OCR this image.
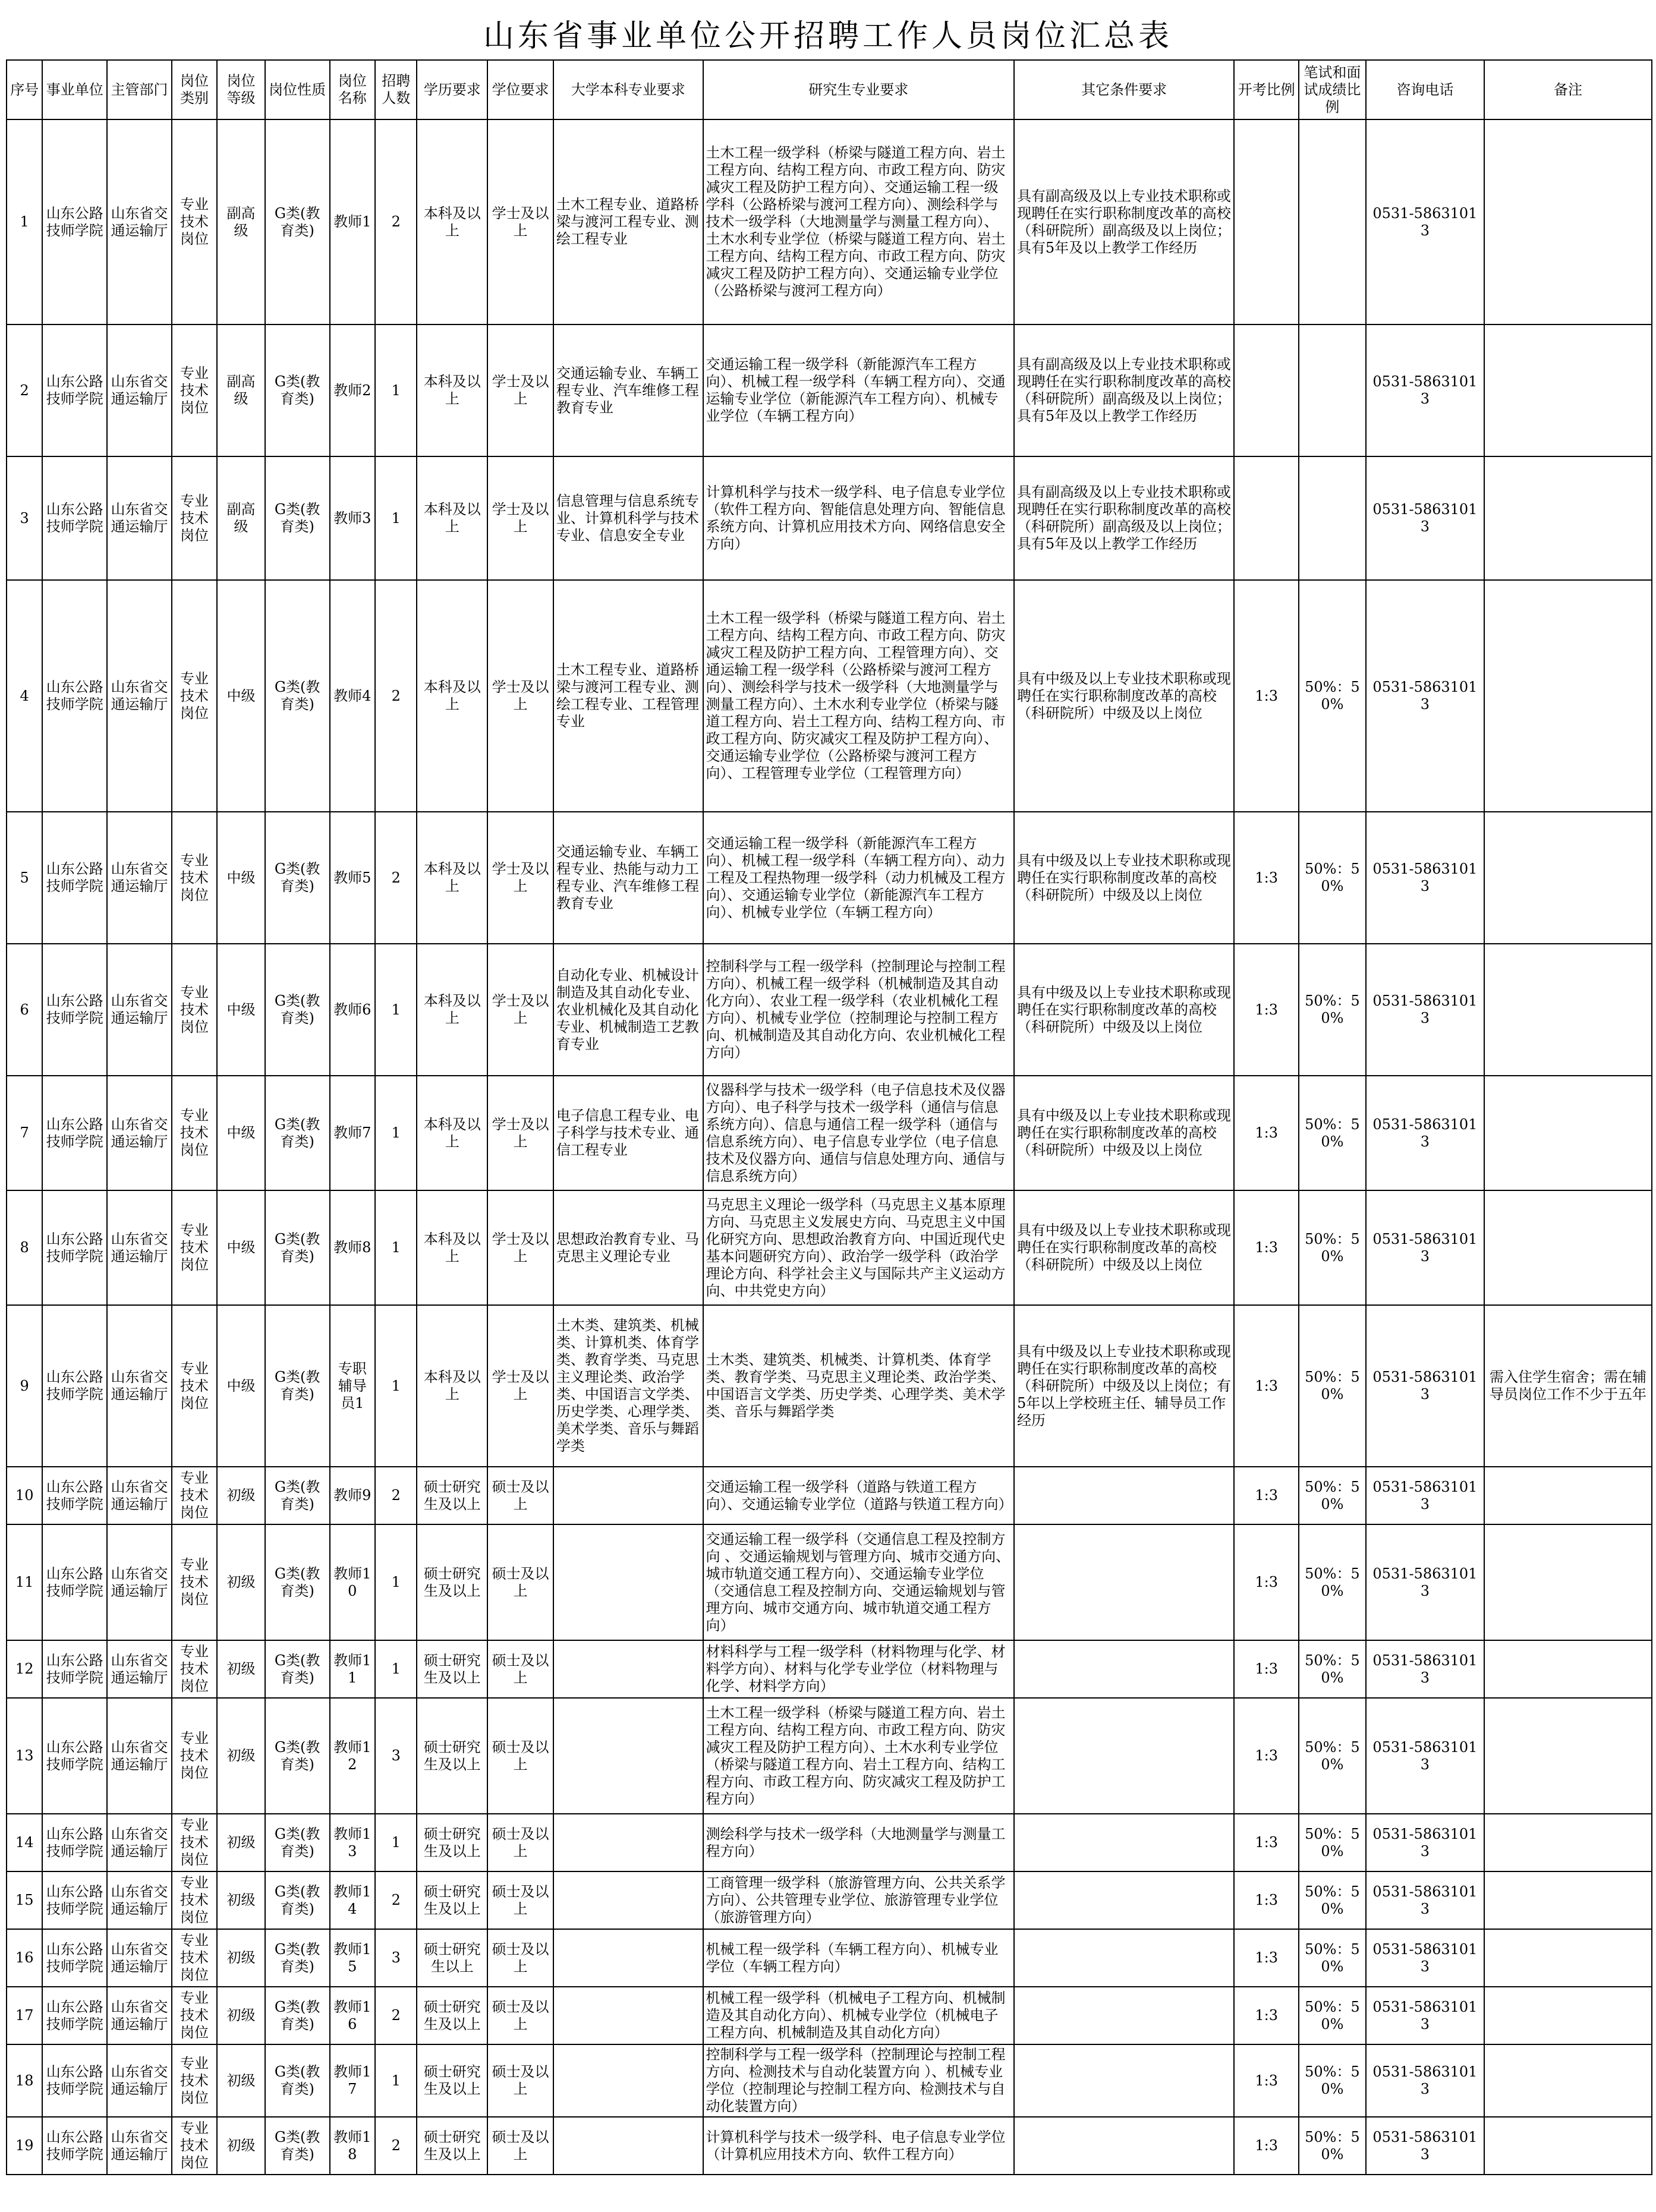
山东省事业单位公开招聘工作人员岗位汇总表
序号	事业单位	主管部门	岗位类别	岗位等级	岗位性质	岗位名称	招聘人数	学历要求	学位要求	大学本科专业要求	研究生专业要求	其它条件要求	开考比例	笔试和面试成绩比例	咨询电话	备注
1	山东公路技师学院	山东省交通运输厅	专业技术岗位	副高级	G类(教育类)	教师1	2	本科及以上	学士及以上	土木工程专业、道路桥梁与渡河工程专业、测绘工程专业	土木工程一级学科（桥梁与隧道工程方向、岩土工程方向、结构工程方向、市政工程方向、防灾减灾工程及防护工程方向）、交通运输工程一级学科（公路桥梁与渡河工程方向）、测绘科学与技术一级学科（大地测量学与测量工程方向）、土木水利专业学位（桥梁与隧道工程方向、岩土工程方向、结构工程方向、市政工程方向、防灾减灾工程及防护工程方向）、交通运输专业学位（公路桥梁与渡河工程方向）	具有副高级及以上专业技术职称或现聘任在实行职称制度改革的高校（科研院所）副高级及以上岗位；具有5年及以上教学工作经历			0531-58631013	
2	山东公路技师学院	山东省交通运输厅	专业技术岗位	副高级	G类(教育类)	教师2	1	本科及以上	学士及以上	交通运输专业、车辆工程专业、汽车维修工程教育专业	交通运输工程一级学科（新能源汽车工程方向）、机械工程一级学科（车辆工程方向）、交通运输专业学位（新能源汽车工程方向）、机械专业学位（车辆工程方向）	具有副高级及以上专业技术职称或现聘任在实行职称制度改革的高校（科研院所）副高级及以上岗位；具有5年及以上教学工作经历			0531-58631013	
3	山东公路技师学院	山东省交通运输厅	专业技术岗位	副高级	G类(教育类)	教师3	1	本科及以上	学士及以上	信息管理与信息系统专业、计算机科学与技术专业、信息安全专业	计算机科学与技术一级学科、电子信息专业学位（软件工程方向、智能信息处理方向、智能信息系统方向、计算机应用技术方向、网络信息安全方向）	具有副高级及以上专业技术职称或现聘任在实行职称制度改革的高校（科研院所）副高级及以上岗位；具有5年及以上教学工作经历			0531-58631013	
4	山东公路技师学院	山东省交通运输厅	专业技术岗位	中级	G类(教育类)	教师4	2	本科及以上	学士及以上	土木工程专业、道路桥梁与渡河工程专业、测绘工程专业、工程管理专业	土木工程一级学科（桥梁与隧道工程方向、岩土工程方向、结构工程方向、市政工程方向、防灾减灾工程及防护工程方向、工程管理方向）、交通运输工程一级学科（公路桥梁与渡河工程方向）、测绘科学与技术一级学科（大地测量学与测量工程方向）、土木水利专业学位（桥梁与隧道工程方向、岩土工程方向、结构工程方向、市政工程方向、防灾减灾工程及防护工程方向）、交通运输专业学位（公路桥梁与渡河工程方向）、工程管理专业学位（工程管理方向）	具有中级及以上专业技术职称或现聘任在实行职称制度改革的高校（科研院所）中级及以上岗位	1:3	50%：50%	0531-58631013	
5	山东公路技师学院	山东省交通运输厅	专业技术岗位	中级	G类(教育类)	教师5	2	本科及以上	学士及以上	交通运输专业、车辆工程专业、热能与动力工程专业、汽车维修工程教育专业	交通运输工程一级学科（新能源汽车工程方向）、机械工程一级学科（车辆工程方向）、动力工程及工程热物理一级学科（动力机械及工程方向）、交通运输专业学位（新能源汽车工程方向）、机械专业学位（车辆工程方向）	具有中级及以上专业技术职称或现聘任在实行职称制度改革的高校（科研院所）中级及以上岗位	1:3	50%：50%	0531-58631013	
6	山东公路技师学院	山东省交通运输厅	专业技术岗位	中级	G类(教育类)	教师6	1	本科及以上	学士及以上	自动化专业、机械设计制造及其自动化专业、农业机械化及其自动化专业、机械制造工艺教育专业	控制科学与工程一级学科（控制理论与控制工程方向）、机械工程一级学科（机械制造及其自动化方向）、农业工程一级学科（农业机械化工程方向）、机械专业学位（控制理论与控制工程方向、机械制造及其自动化方向、农业机械化工程方向）	具有中级及以上专业技术职称或现聘任在实行职称制度改革的高校（科研院所）中级及以上岗位	1:3	50%：50%	0531-58631013	
7	山东公路技师学院	山东省交通运输厅	专业技术岗位	中级	G类(教育类)	教师7	1	本科及以上	学士及以上	电子信息工程专业、电子科学与技术专业、通信工程专业	仪器科学与技术一级学科（电子信息技术及仪器方向）、电子科学与技术一级学科（通信与信息系统方向）、信息与通信工程一级学科（通信与信息系统方向）、电子信息专业学位（电子信息技术及仪器方向、通信与信息处理方向、通信与信息系统方向）	具有中级及以上专业技术职称或现聘任在实行职称制度改革的高校（科研院所）中级及以上岗位	1:3	50%：50%	0531-58631013	
8	山东公路技师学院	山东省交通运输厅	专业技术岗位	中级	G类(教育类)	教师8	1	本科及以上	学士及以上	思想政治教育专业、马克思主义理论专业	马克思主义理论一级学科（马克思主义基本原理方向、马克思主义发展史方向、马克思主义中国化研究方向、思想政治教育方向、中国近现代史基本问题研究方向）、政治学一级学科（政治学理论方向、科学社会主义与国际共产主义运动方向、中共党史方向）	具有中级及以上专业技术职称或现聘任在实行职称制度改革的高校（科研院所）中级及以上岗位	1:3	50%：50%	0531-58631013	
9	山东公路技师学院	山东省交通运输厅	专业技术岗位	中级	G类(教育类)	专职辅导员1	1	本科及以上	学士及以上	土木类、建筑类、机械类、计算机类、体育学类、教育学类、马克思主义理论类、政治学类、中国语言文学类、历史学类、心理学类、美术学类、音乐与舞蹈学类	土木类、建筑类、机械类、计算机类、体育学类、教育学类、马克思主义理论类、政治学类、中国语言文学类、历史学类、心理学类、美术学类、音乐与舞蹈学类	具有中级及以上专业技术职称或现聘任在实行职称制度改革的高校（科研院所）中级及以上岗位；有5年以上学校班主任、辅导员工作经历	1:3	50%：50%	0531-58631013	需入住学生宿舍；需在辅导员岗位工作不少于五年
10	山东公路技师学院	山东省交通运输厅	专业技术岗位	初级	G类(教育类)	教师9	2	硕士研究生及以上	硕士及以上		交通运输工程一级学科（道路与铁道工程方向）、交通运输专业学位（道路与铁道工程方向）		1:3	50%：50%	0531-58631013	
11	山东公路技师学院	山东省交通运输厅	专业技术岗位	初级	G类(教育类)	教师10	1	硕士研究生及以上	硕士及以上		交通运输工程一级学科（交通信息工程及控制方向 、交通运输规划与管理方向、城市交通方向、城市轨道交通工程方向）、交通运输专业学位（交通信息工程及控制方向、交通运输规划与管理方向、城市交通方向、城市轨道交通工程方向）		1:3	50%：50%	0531-58631013	
12	山东公路技师学院	山东省交通运输厅	专业技术岗位	初级	G类(教育类)	教师11	1	硕士研究生及以上	硕士及以上		材料科学与工程一级学科（材料物理与化学、材料学方向）、材料与化学专业学位（材料物理与化学、材料学方向）		1:3	50%：50%	0531-58631013	
13	山东公路技师学院	山东省交通运输厅	专业技术岗位	初级	G类(教育类)	教师12	3	硕士研究生及以上	硕士及以上		土木工程一级学科（桥梁与隧道工程方向、岩土工程方向、结构工程方向、市政工程方向、防灾减灾工程及防护工程方向）、土木水利专业学位（桥梁与隧道工程方向、岩土工程方向、结构工程方向、市政工程方向、防灾减灾工程及防护工程方向）		1:3	50%：50%	0531-58631013	
14	山东公路技师学院	山东省交通运输厅	专业技术岗位	初级	G类(教育类)	教师13	1	硕士研究生及以上	硕士及以上		测绘科学与技术一级学科（大地测量学与测量工程方向）		1:3	50%：50%	0531-58631013	
15	山东公路技师学院	山东省交通运输厅	专业技术岗位	初级	G类(教育类)	教师14	2	硕士研究生及以上	硕士及以上		工商管理一级学科（旅游管理方向、公共关系学方向）、公共管理专业学位、旅游管理专业学位（旅游管理方向）		1:3	50%：50%	0531-58631013	
16	山东公路技师学院	山东省交通运输厅	专业技术岗位	初级	G类(教育类)	教师15	3	硕士研究生以上	硕士及以上		机械工程一级学科（车辆工程方向）、机械专业学位（车辆工程方向）		1:3	50%：50%	0531-58631013	
17	山东公路技师学院	山东省交通运输厅	专业技术岗位	初级	G类(教育类)	教师16	2	硕士研究生及以上	硕士及以上		机械工程一级学科（机械电子工程方向、机械制造及其自动化方向）、机械专业学位（机械电子工程方向、机械制造及其自动化方向）		1:3	50%：50%	0531-58631013	
18	山东公路技师学院	山东省交通运输厅	专业技术岗位	初级	G类(教育类)	教师17	1	硕士研究生及以上	硕士及以上		控制科学与工程一级学科（控制理论与控制工程方向、检测技术与自动化装置方向 ）、机械专业学位（控制理论与控制工程方向、检测技术与自动化装置方向）		1:3	50%：50%	0531-58631013	
19	山东公路技师学院	山东省交通运输厅	专业技术岗位	初级	G类(教育类)	教师18	2	硕士研究生及以上	硕士及以上		计算机科学与技术一级学科、电子信息专业学位（计算机应用技术方向、软件工程方向）		1:3	50%：50%	0531-58631013	
